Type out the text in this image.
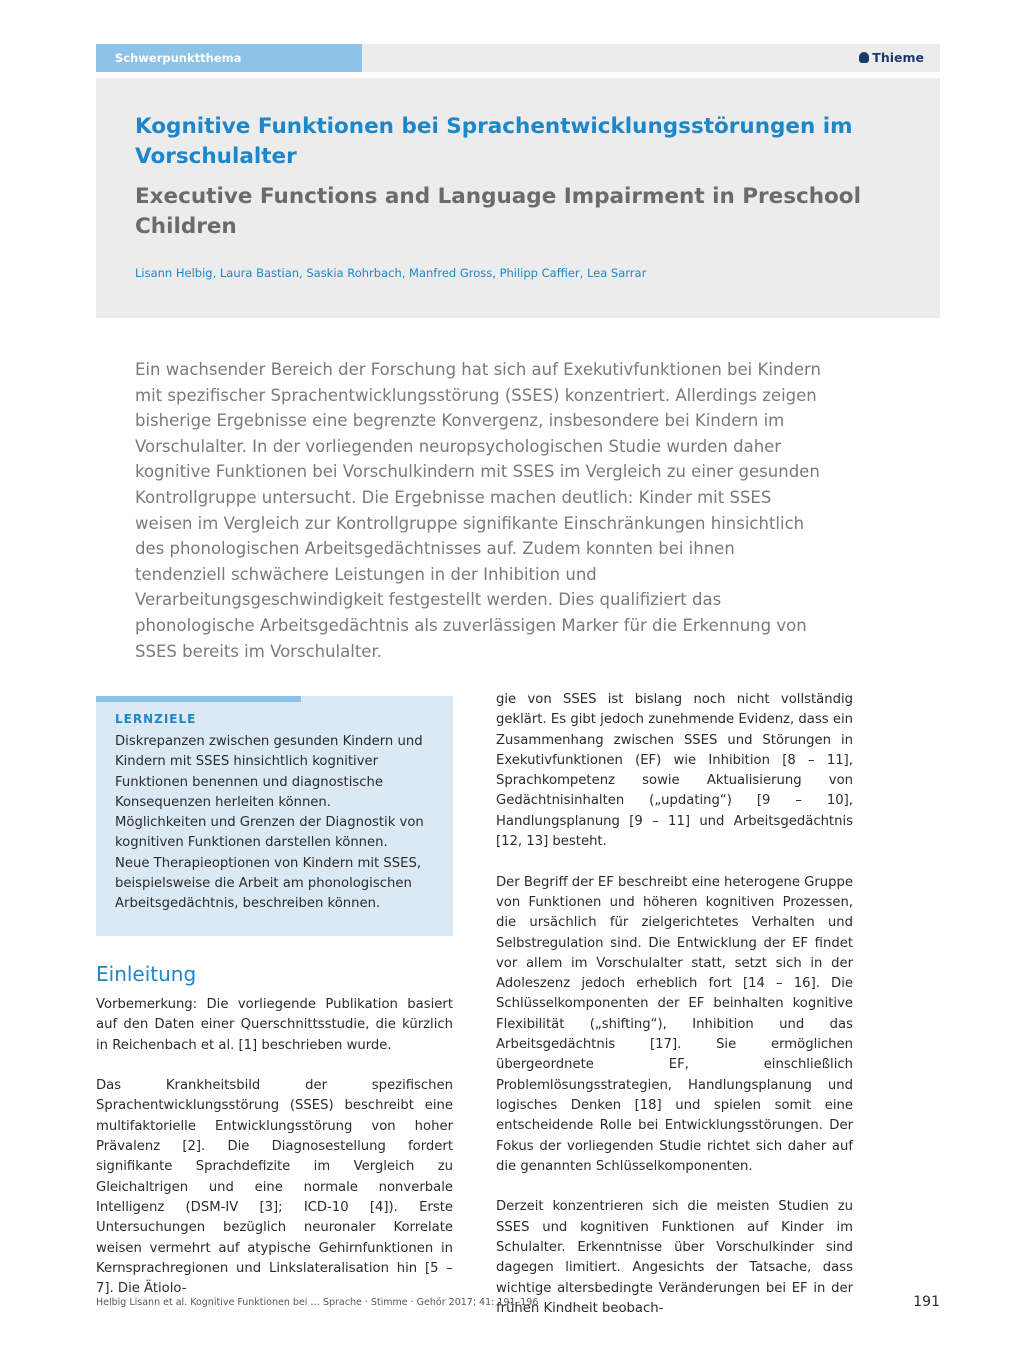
Schwerpunktthema	Thieme
Kognitive Funktionen bei Sprachentwicklungsstörungen im Vorschulalter
Executive Functions and Language Impairment in Preschool Children
Lisann Helbig, Laura Bastian, Saskia Rohrbach, Manfred Gross, Philipp Caffier, Lea Sarrar

Ein wachsender Bereich der Forschung hat sich auf Exekutivfunktionen bei Kindern mit spezifischer Sprachentwicklungsstörung (SSES) konzentriert. Allerdings zeigen bisherige Ergebnisse eine begrenzte Konvergenz, insbesondere bei Kindern im Vorschulalter. In der vorliegenden neuropsychologischen Studie wurden daher kognitive Funktionen bei Vorschulkindern mit SSES im Vergleich zu einer gesunden Kontrollgruppe untersucht. Die Ergebnisse machen deutlich: Kinder mit SSES weisen im Vergleich zur Kontrollgruppe signifikante Einschränkungen hinsichtlich des phonologischen Arbeitsgedächtnisses auf. Zudem konnten bei ihnen tendenziell schwächere Leistungen in der Inhibition und Verarbeitungsgeschwindigkeit festgestellt werden. Dies qualifiziert das phonologische Arbeitsgedächtnis als zuverlässigen Marker für die Erkennung von SSES bereits im Vorschulalter.

LERNZIELE

Diskrepanzen zwischen gesunden Kindern und Kindern mit SSES hinsichtlich kognitiver Funktionen benennen und diagnostische Konsequenzen herleiten können.

Möglichkeiten und Grenzen der Diagnostik von kognitiven Funktionen darstellen können.

Neue Therapieoptionen von Kindern mit SSES, beispielsweise die Arbeit am phonologischen Arbeitsgedächtnis, beschreiben können.

Einleitung

Vorbemerkung: Die vorliegende Publikation basiert auf den Daten einer Querschnittsstudie, die kürzlich in Reichenbach et al. [1] beschrieben wurde.

Das Krankheitsbild der spezifischen Sprachentwicklungsstörung (SSES) beschreibt eine multifaktorielle Entwicklungsstörung von hoher Prävalenz [2]. Die Diagnosestellung fordert signifikante Sprachdefizite im Vergleich zu Gleichaltrigen und eine normale nonverbale Intelligenz (DSM-IV [3]; ICD-10 [4]). Erste Untersuchungen bezüglich neuronaler Korrelate weisen vermehrt auf atypische Gehirnfunktionen in Kernsprachregionen und Linkslateralisation hin [5 – 7]. Die Ätiolo-

gie von SSES ist bislang noch nicht vollständig geklärt. Es gibt jedoch zunehmende Evidenz, dass ein Zusammenhang zwischen SSES und Störungen in Exekutivfunktionen (EF) wie Inhibition [8 – 11], Sprachkompetenz sowie Aktualisierung von Gedächtnisinhalten („updating“) [9 – 10], Handlungsplanung [9 – 11] und Arbeitsgedächtnis [12, 13] besteht.

Der Begriff der EF beschreibt eine heterogene Gruppe von Funktionen und höheren kognitiven Prozessen, die ursächlich für zielgerichtetes Verhalten und Selbstregulation sind. Die Entwicklung der EF findet vor allem im Vorschulalter statt, setzt sich in der Adoleszenz jedoch erheblich fort [14 – 16]. Die Schlüsselkomponenten der EF beinhalten kognitive Flexibilität („shifting“), Inhibition und das Arbeitsgedächtnis [17]. Sie ermöglichen übergeordnete EF, einschließlich Problemlösungsstrategien, Handlungsplanung und logisches Denken [18] und spielen somit eine entscheidende Rolle bei Entwicklungsstörungen. Der Fokus der vorliegenden Studie richtet sich daher auf die genannten Schlüsselkomponenten.

Derzeit konzentrieren sich die meisten Studien zu SSES und kognitiven Funktionen auf Kinder im Schulalter. Erkenntnisse über Vorschulkinder sind dagegen limitiert. Angesichts der Tatsache, dass wichtige altersbedingte Veränderungen bei EF in der frühen Kindheit beobach-

Helbig Lisann et al. Kognitive Funktionen bei … Sprache · Stimme · Gehör 2017; 41: 191–196	191
